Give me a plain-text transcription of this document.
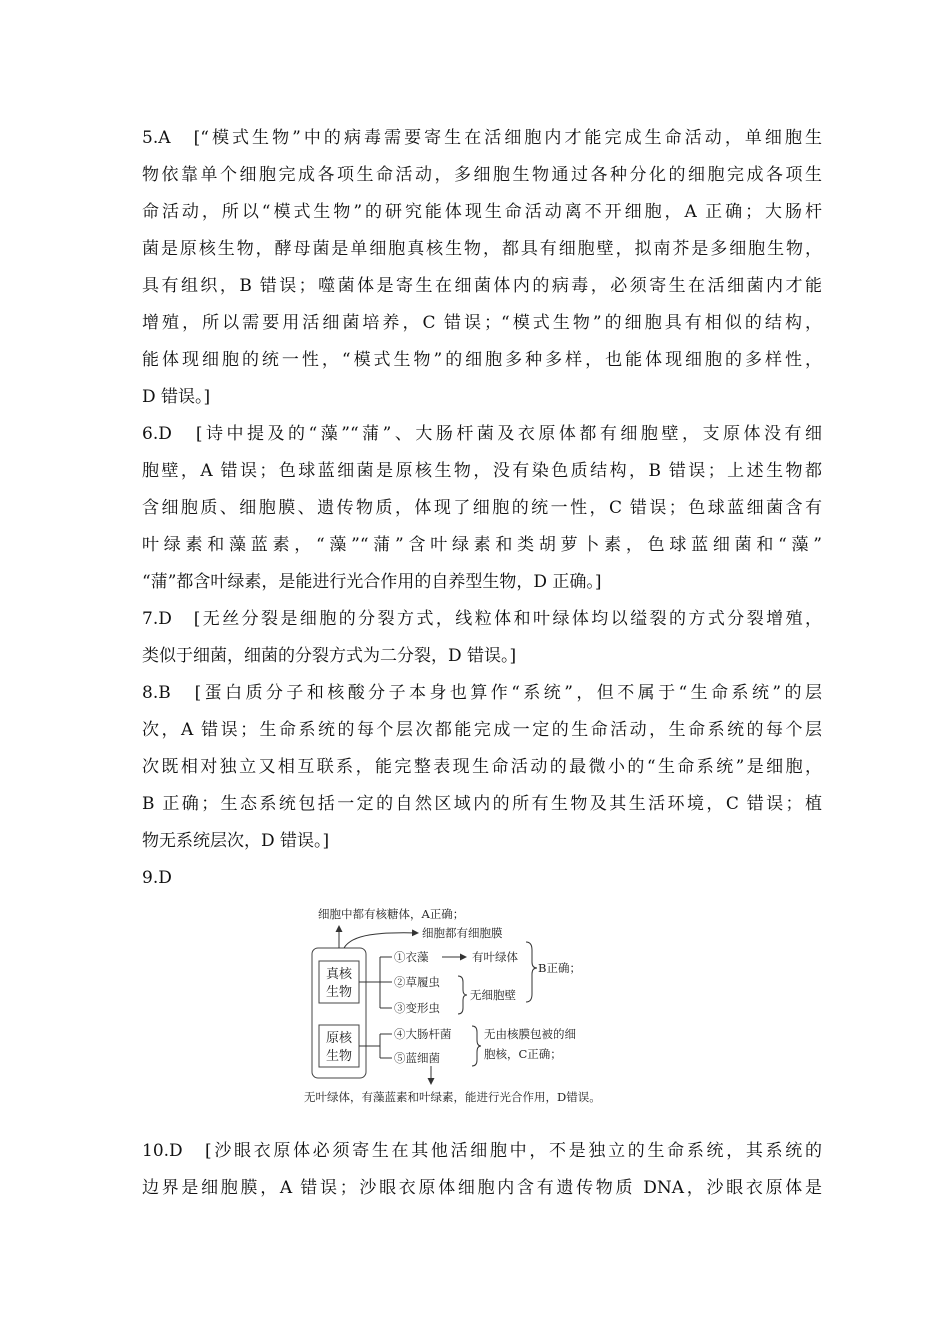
5.A　[“模式生物”中的病毒需要寄生在活细胞内才能完成生命活动，单细胞生
物依靠单个细胞完成各项生命活动，多细胞生物通过各种分化的细胞完成各项生
命活动，所以“模式生物”的研究能体现生命活动离不开细胞，A 正确；大肠杆
菌是原核生物，酵母菌是单细胞真核生物，都具有细胞壁，拟南芥是多细胞生物，
具有组织，B 错误；噬菌体是寄生在细菌体内的病毒，必须寄生在活细菌内才能
增殖，所以需要用活细菌培养，C 错误；“模式生物”的细胞具有相似的结构，
能体现细胞的统一性，“模式生物”的细胞多种多样，也能体现细胞的多样性，
D 错误。]
6.D　[诗中提及的“藻”“蒲”、大肠杆菌及衣原体都有细胞壁，支原体没有细
胞壁，A 错误；色球蓝细菌是原核生物，没有染色质结构，B 错误；上述生物都
含细胞质、细胞膜、遗传物质，体现了细胞的统一性，C 错误；色球蓝细菌含有
叶绿素和藻蓝素，“藻”“蒲”含叶绿素和类胡萝卜素，色球蓝细菌和“藻”
“蒲”都含叶绿素，是能进行光合作用的自养型生物，D 正确。]
7.D　[无丝分裂是细胞的分裂方式，线粒体和叶绿体均以缢裂的方式分裂增殖，
类似于细菌，细菌的分裂方式为二分裂，D 错误。]
8.B　[蛋白质分子和核酸分子本身也算作“系统”，但不属于“生命系统”的层
次，A 错误；生命系统的每个层次都能完成一定的生命活动，生命系统的每个层
次既相对独立又相互联系，能完整表现生命活动的最微小的“生命系统”是细胞，
B 正确；生态系统包括一定的自然区域内的所有生物及其生活环境，C 错误；植
物无系统层次，D 错误。]
9.D
细胞中都有核糖体，A正确；
细胞都有细胞膜
真核
生物
原核
生物
①衣藻
②草履虫
③变形虫
有叶绿体
无细胞壁
B正确；
④大肠杆菌
⑤蓝细菌
无由核膜包被的细
胞核，C正确；
无叶绿体，有藻蓝素和叶绿素，能进行光合作用，D错误。
10.D　[沙眼衣原体必须寄生在其他活细胞中，不是独立的生命系统，其系统的
边界是细胞膜，A 错误；沙眼衣原体细胞内含有遗传物质 DNA，沙眼衣原体是
